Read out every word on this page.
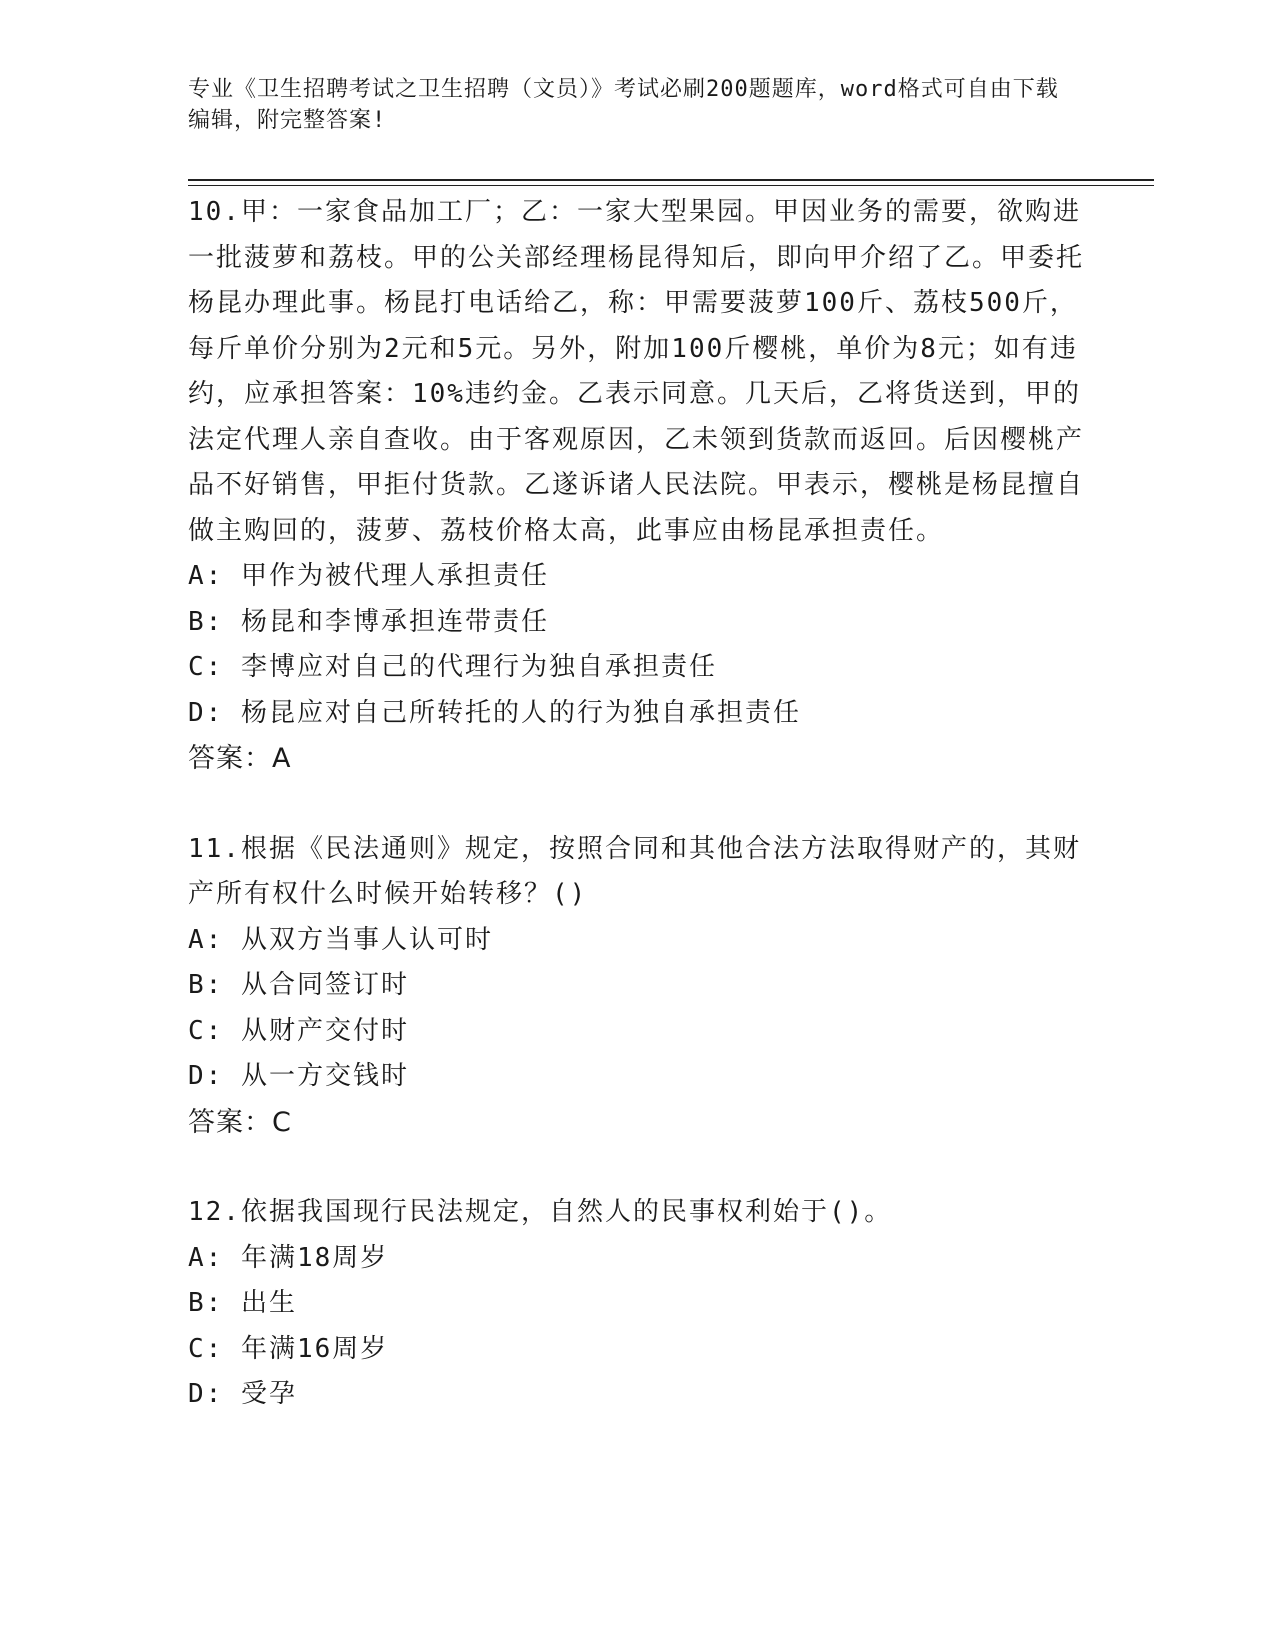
专业《卫生招聘考试之卫生招聘（文员）》考试必刷200题题库，word格式可自由下载编辑，附完整答案!
10.甲：一家食品加工厂；乙：一家大型果园。甲因业务的需要，欲购进一批菠萝和荔枝。甲的公关部经理杨昆得知后，即向甲介绍了乙。甲委托杨昆办理此事。杨昆打电话给乙，称：甲需要菠萝100斤、荔枝500斤，每斤单价分别为2元和5元。另外，附加100斤樱桃，单价为8元；如有违约，应承担答案：10%违约金。乙表示同意。几天后，乙将货送到，甲的法定代理人亲自查收。由于客观原因，乙未领到货款而返回。后因樱桃产品不好销售，甲拒付货款。乙遂诉诸人民法院。甲表示，樱桃是杨昆擅自做主购回的，菠萝、荔枝价格太高，此事应由杨昆承担责任。
A: 甲作为被代理人承担责任
B: 杨昆和李博承担连带责任
C: 李博应对自己的代理行为独自承担责任
D: 杨昆应对自己所转托的人的行为独自承担责任
答案：A
11.根据《民法通则》规定，按照合同和其他合法方法取得财产的，其财产所有权什么时候开始转移？()
A: 从双方当事人认可时
B: 从合同签订时
C: 从财产交付时
D: 从一方交钱时
答案：C
12.依据我国现行民法规定，自然人的民事权利始于()。
A: 年满18周岁
B: 出生
C: 年满16周岁
D: 受孕
